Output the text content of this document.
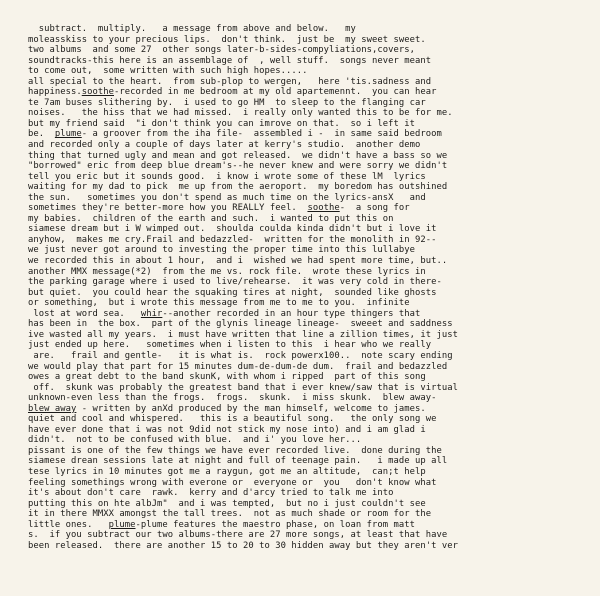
subtract.  multiply.   a message from above and below.   my
moleasskiss to your precious lips.  don't think.  just be  my sweet sweet.
two albums  and some 27  other songs later-b-sides-compyliations,covers,
soundtracks-this here is an assemblage of  , well stuff.  songs never meant
to come out,  some written with such high hopes.....
all special to the heart.  from sub-plop to wergen,   here 'tis.sadness and
happiness.soothe-recorded in me bedroom at my old apartemennt.  you can hear
te 7am buses slithering by.  i used to go HM  to sleep to the flanging car
noises.   the hiss that we had missed.  i really only wanted this to be for me.
but my friend said  "i don't think you can imrove on that.  so i left it
be.  plume- a groover from the iha file-  assembled i -  in same said bedroom
and recorded only a couple of days later at kerry's studio.  another demo
thing that turned ugly and mean and got released.  we didn't have a bass so we
"borrowed" eric from deep blue dream's--he never knew and were sorry we didn't
tell you eric but it sounds good.  i know i wrote some of these lM  lyrics
waiting for my dad to pick  me up from the aeroport.  my boredom has outshined
the sun.   sometimes you don't spend as much time on the lyrics-ansX   and
sometimes they're better-more how you REALLY feel.  soothe-  a song for
my babies.  children of the earth and such.  i wanted to put this on
siamese dream but i W wimped out.  shoulda coulda kinda didn't but i love it
anyhow,  makes me cry.Frail and bedazzled-  written for the monolith in 92--
we just never got around to investing the proper time into this lullabye
we recorded this in about 1 hour,  and i  wished we had spent more time, but..
another MMX message(*2)  from the me vs. rock file.  wrote these lyrics in
the parking garage where i used to live/rehearse.  it was very cold in there-
but quiet.  you could hear the squaking tires at night,  sounded like ghosts
or something,  but i wrote this message from me to me to you.  infinite
lost at word sea.   whir--another recorded in an hour type thingers that
has been in  the box.  part of the glynis lineage lineage-  sweeet and saddness
ive wasted all my years.  i must have written that line a zillion times, it just
just ended up here.   sometimes when i listen to this  i hear who we really
are.   frail and gentle-   it is what is.  rock powerx100..  note scary ending
we would play that part for 15 minutes dum-de-dum-de dum.  frail and bedazzled
owes a great debt to the band skunK, with whom i ripped  part of this song
off.  skunk was probably the greatest band that i ever knew/saw that is virtual
unknown-even less than the frogs.  frogs.  skunk.  i miss skunk.  blew away-
blew away - written by anXd produced by the man himself, welcome to james.
quiet and cool and whispered.   this is a beautiful song.   the only song we
have ever done that i was not 9did not stick my nose into) and i am glad i
didn't.  not to be confused with blue.  and i' you love her...
pissant is one of the few things we have ever recorded live.  done during the
siamese drean sessions late at night and full of teenage pain.   i made up all
tese lyrics in 10 minutes got me a raygun, got me an altitude,  can;t help
feeling somethings wrong with everone or  everyone or  you   don't know what
it's about don't care  rawk.  kerry and d'arcy tried to talk me into
putting this on hte albJm"  and i was tempted,  but no i just couldn't see
it in there MMXX amongst the tall trees.  not as much shade or room for the
little ones.   plume-plume features the maestro phase, on loan from matt
s.  if you subtract our two albums-there are 27 more songs, at least that have
been released.  there are another 15 to 20 to 30 hidden away but they aren't ver
